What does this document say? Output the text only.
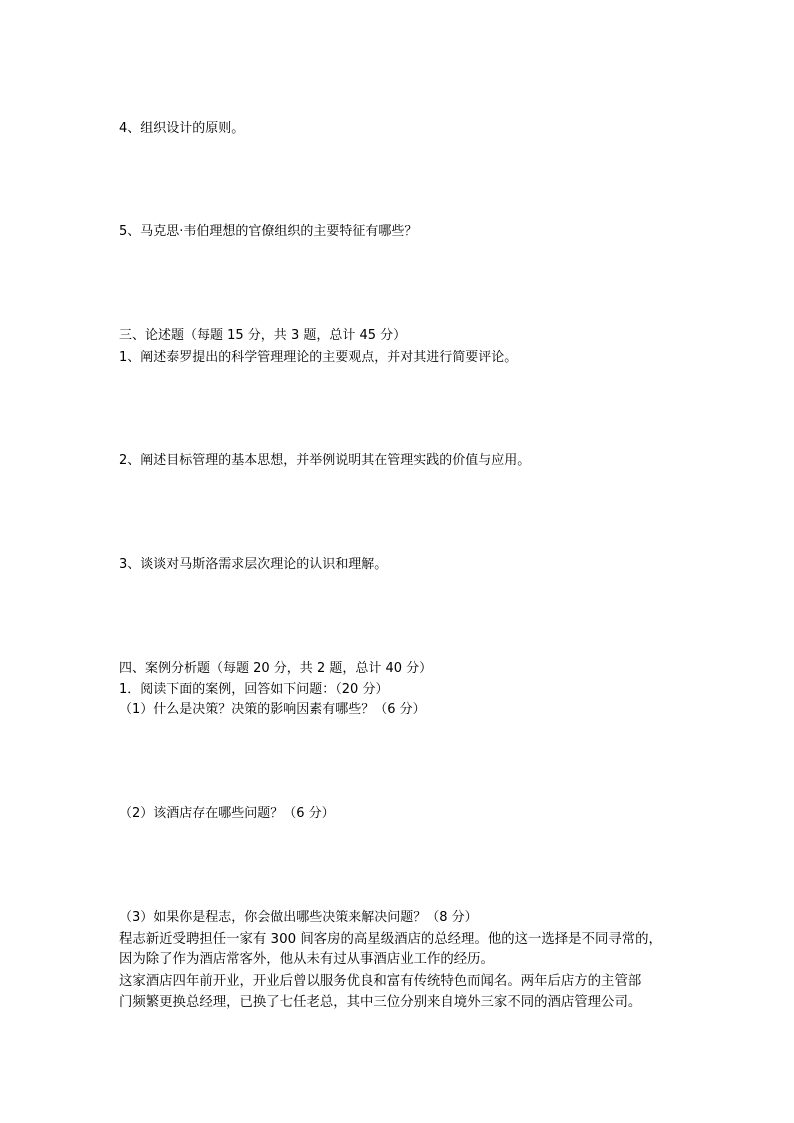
4、组织设计的原则。
5、马克思·韦伯理想的官僚组织的主要特征有哪些？
三、论述题（每题 15 分，共 3 题，总计 45 分）
1、阐述泰罗提出的科学管理理论的主要观点，并对其进行简要评论。
2、阐述目标管理的基本思想，并举例说明其在管理实践的价值与应用。
3、谈谈对马斯洛需求层次理论的认识和理解。
四、案例分析题（每题 20 分，共 2 题，总计 40 分）
1．阅读下面的案例，回答如下问题：（20 分）
（1）什么是决策？决策的影响因素有哪些？（6 分）
（2）该酒店存在哪些问题？（6 分）
（3）如果你是程志，你会做出哪些决策来解决问题？（8 分）
程志新近受聘担任一家有 300 间客房的高星级酒店的总经理。他的这一选择是不同寻常的，
因为除了作为酒店常客外，他从未有过从事酒店业工作的经历。
这家酒店四年前开业，开业后曾以服务优良和富有传统特色而闻名。两年后店方的主管部
门频繁更换总经理，已换了七任老总，其中三位分别来自境外三家不同的酒店管理公司。
